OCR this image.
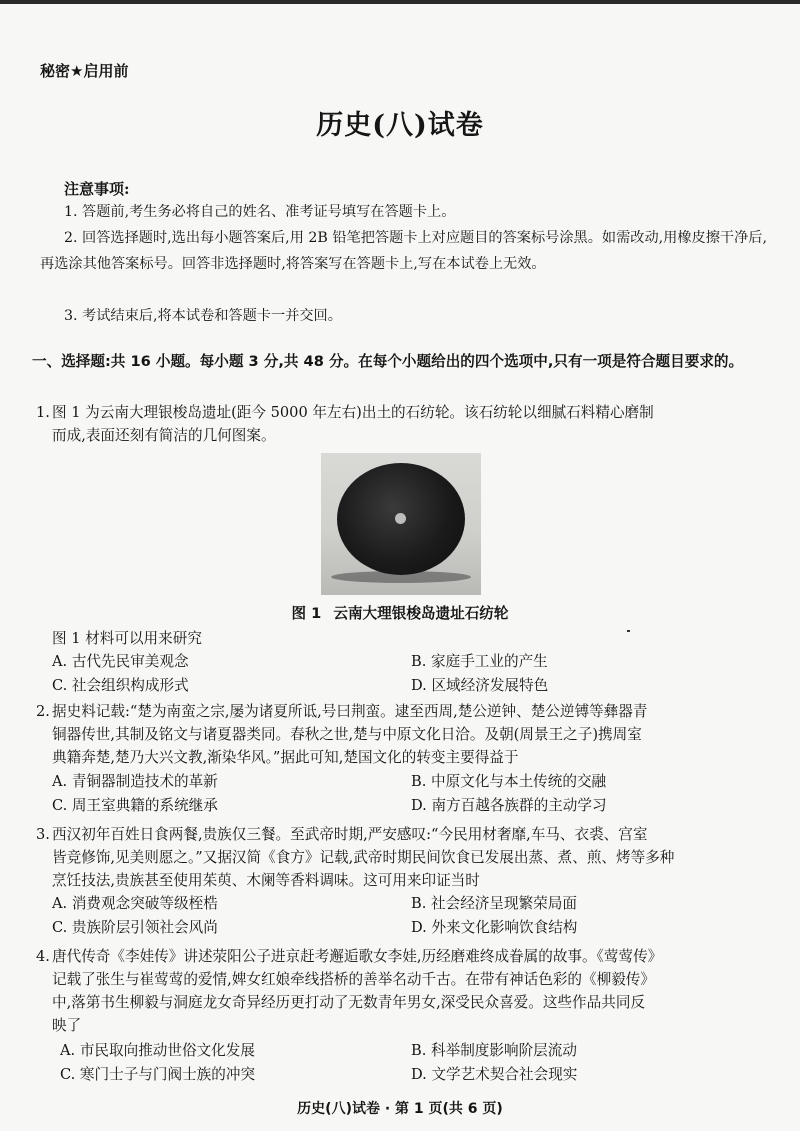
秘密★启用前
历史(八)试卷
注意事项:
1. 答题前,考生务必将自己的姓名、准考证号填写在答题卡上。
2. 回答选择题时,选出每小题答案后,用 2B 铅笔把答题卡上对应题目的答案标号涂黑。如需改动,用橡皮擦干净后,再选涂其他答案标号。回答非选择题时,将答案写在答题卡上,写在本试卷上无效。
3. 考试结束后,将本试卷和答题卡一并交回。
一、选择题:共 16 小题。每小题 3 分,共 48 分。在每个小题给出的四个选项中,只有一项是符合题目要求的。
1. 图 1 为云南大理银梭岛遗址(距今 5000 年左右)出土的石纺轮。该石纺轮以细腻石料精心磨制
而成,表面还刻有简洁的几何图案。
图 1 云南大理银梭岛遗址石纺轮
图 1 材料可以用来研究
A. 古代先民审美观念	B. 家庭手工业的产生
C. 社会组织构成形式	D. 区域经济发展特色
2. 据史料记载:“楚为南蛮之宗,屡为诸夏所诋,号曰荆蛮。逮至西周,楚公逆钟、楚公逆镈等彝器青
铜器传世,其制及铭文与诸夏器类同。春秋之世,楚与中原文化日洽。及朝(周景王之子)携周室
典籍奔楚,楚乃大兴文教,渐染华风。”据此可知,楚国文化的转变主要得益于
A. 青铜器制造技术的革新	B. 中原文化与本土传统的交融
C. 周王室典籍的系统继承	D. 南方百越各族群的主动学习
3. 西汉初年百姓日食两餐,贵族仅三餐。至武帝时期,严安感叹:“今民用材奢靡,车马、衣裘、宫室
皆竞修饰,见美则愿之。”又据汉简《食方》记载,武帝时期民间饮食已发展出蒸、煮、煎、烤等多种
烹饪技法,贵族甚至使用茱萸、木阑等香料调味。这可用来印证当时
A. 消费观念突破等级桎梏	B. 社会经济呈现繁荣局面
C. 贵族阶层引领社会风尚	D. 外来文化影响饮食结构
4. 唐代传奇《李娃传》讲述荥阳公子进京赶考邂逅歌女李娃,历经磨难终成眷属的故事。《莺莺传》
记载了张生与崔莺莺的爱情,婢女红娘牵线搭桥的善举名动千古。在带有神话色彩的《柳毅传》
中,落第书生柳毅与洞庭龙女奇异经历更打动了无数青年男女,深受民众喜爱。这些作品共同反
映了
A. 市民取向推动世俗文化发展	B. 科举制度影响阶层流动
C. 寒门士子与门阀士族的冲突	D. 文学艺术契合社会现实
历史(八)试卷 · 第 1 页(共 6 页)
